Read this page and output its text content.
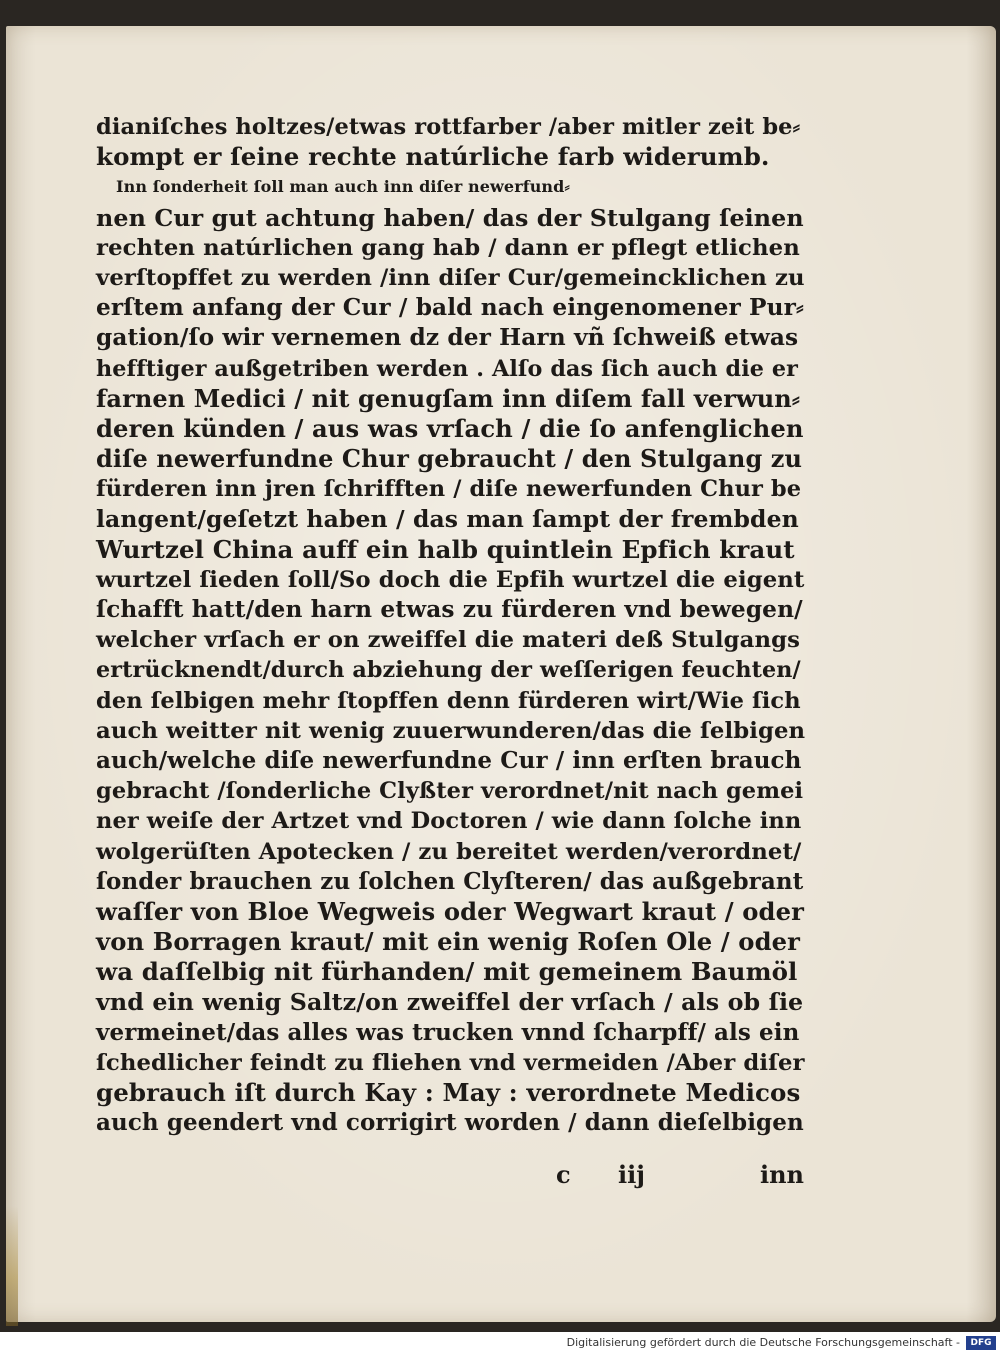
dianiſches holtzes/etwas rottfarber /aber mitler zeit be⸗
kompt er ſeine rechte natúrliche farb widerumb.
Inn ſonderheit ſoll man auch inn diſer newerfund⸗
nen Cur gut achtung haben/ das der Stulgang ſeinen
rechten natúrlichen gang hab / dann er pflegt etlichen
verſtopffet zu werden /inn diſer Cur/gemeincklichen zu
erſtem anfang der Cur / bald nach eingenomener Pur⸗
gation/ſo wir vernemen dz der Harn vñ ſchweiß etwas
hefftiger außgetriben werden . Alſo das ſich auch die er
farnen Medici / nit genugſam inn diſem fall verwun⸗
deren künden / aus was vrſach / die ſo anfenglichen
diſe newerfundne Chur gebraucht / den Stulgang zu
fürderen inn jren ſchrifften / diſe newerfunden Chur be
langent/geſetzt haben / das man ſampt der frembden
Wurtzel China auff ein halb quintlein Epfich kraut
wurtzel ſieden ſoll/So doch die Epfih wurtzel die eigent
ſchafft hatt/den harn etwas zu fürderen vnd bewegen/
welcher vrſach er on zweiffel die materi deß Stulgangs
ertrücknendt/durch abziehung der weſſerigen feuchten/
den ſelbigen mehr ſtopffen denn fürderen wirt/Wie ſich
auch weitter nit wenig zuuerwunderen/das die ſelbigen
auch/welche diſe newerfundne Cur / inn erſten brauch
gebracht /ſonderliche Clyßter verordnet/nit nach gemei
ner weiſe der Artzet vnd Doctoren / wie dann ſolche inn
wolgerüſten Apotecken / zu bereitet werden/verordnet/
ſonder brauchen zu ſolchen Clyſteren/ das außgebrant
waſſer von Bloe Wegweis oder Wegwart kraut / oder
von Borragen kraut/ mit ein wenig Roſen Ole / oder
wa daſſelbig nit fürhanden/ mit gemeinem Baumöl
vnd ein wenig Saltz/on zweiffel der vrſach / als ob ſie
vermeinet/das alles was trucken vnnd ſcharpff/ als ein
ſchedlicher feindt zu fliehen vnd vermeiden /Aber diſer
gebrauch iſt durch Kay : May : verordnete Medicos
auch geendert vnd corrigirt worden / dann dieſelbigen
c iij	inn
Digitalisierung gefördert durch die Deutsche Forschungsgemeinschaft -	DFG
